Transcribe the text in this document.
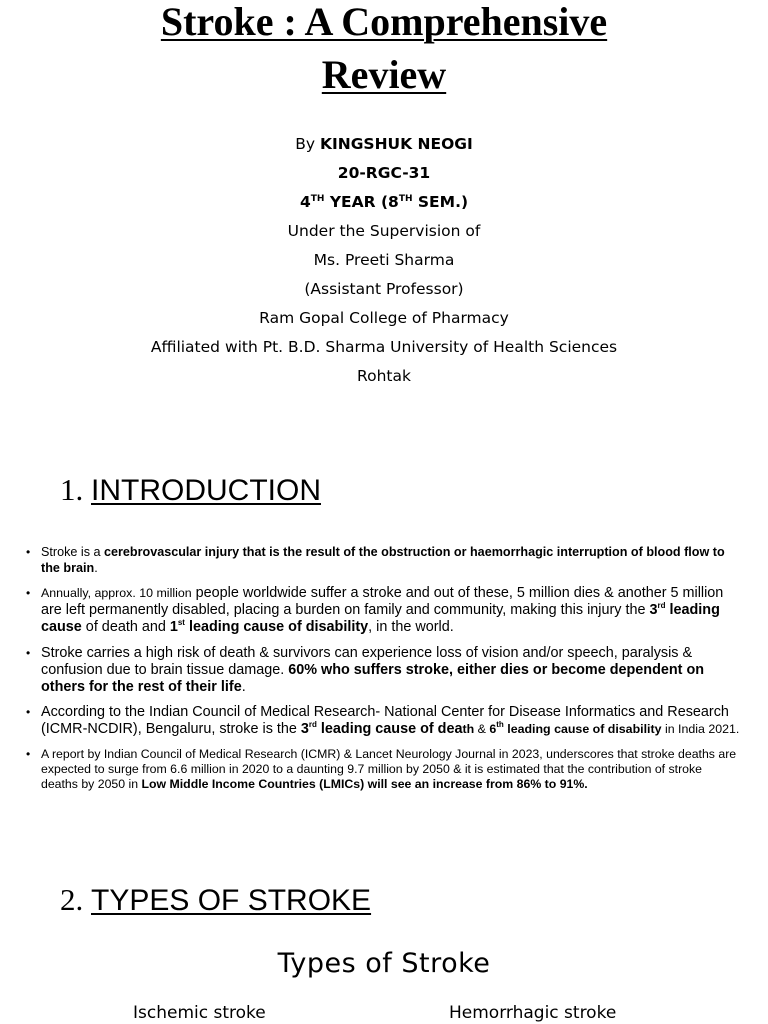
Stroke : A Comprehensive
Review
By KINGSHUK NEOGI
20-RGC-31
4TH YEAR (8TH SEM.)
Under the Supervision of
Ms. Preeti Sharma
(Assistant Professor)
Ram Gopal College of Pharmacy
Affiliated with Pt. B.D. Sharma University of Health Sciences
Rohtak
1. INTRODUCTION
• Stroke is a cerebrovascular injury that is the result of the obstruction or haemorrhagic interruption of blood flow to the brain.
• Annually, approx. 10 million people worldwide suffer a stroke and out of these, 5 million dies & another 5 million are left permanently disabled, placing a burden on family and community, making this injury the 3rd leading cause of death and 1st leading cause of disability, in the world.
• Stroke carries a high risk of death & survivors can experience loss of vision and/or speech, paralysis & confusion due to brain tissue damage. 60% who suffers stroke, either dies or become dependent on others for the rest of their life.
• According to the Indian Council of Medical Research- National Center for Disease Informatics and Research (ICMR-NCDIR), Bengaluru, stroke is the 3rd leading cause of death & 6th leading cause of disability in India 2021.
• A report by Indian Council of Medical Research (ICMR) & Lancet Neurology Journal in 2023, underscores that stroke deaths are expected to surge from 6.6 million in 2020 to a daunting 9.7 million by 2050 & it is estimated that the contribution of stroke deaths by 2050 in Low Middle Income Countries (LMICs) will see an increase from 86% to 91%.
2. TYPES OF STROKE
Types of Stroke
Ischemic stroke	Hemorrhagic stroke
